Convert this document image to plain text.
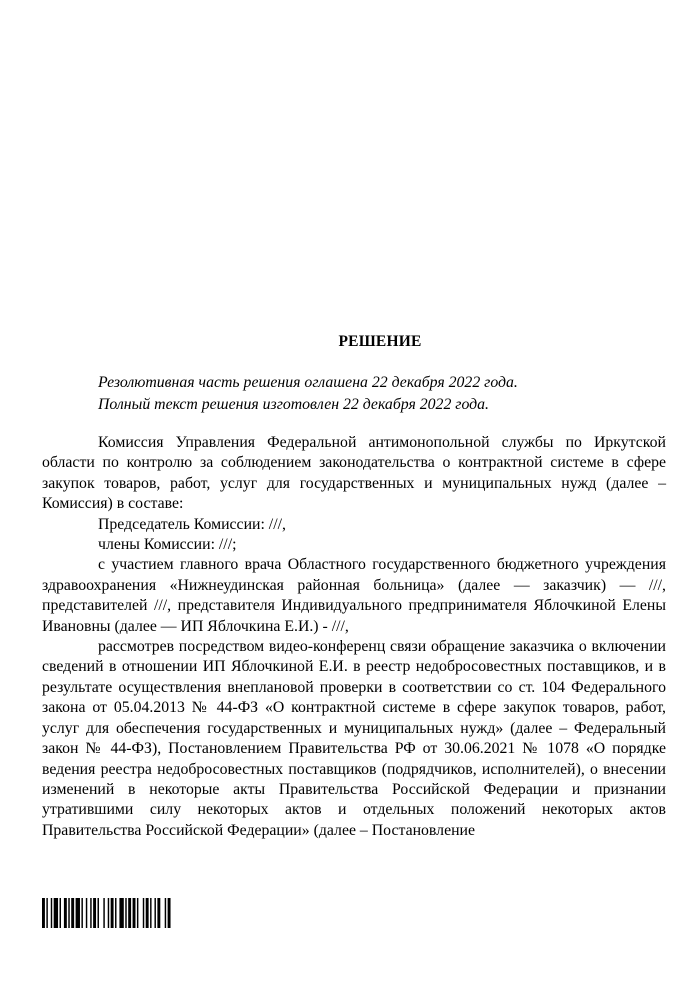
РЕШЕНИЕ
Резолютивная часть решения оглашена 22 декабря 2022 года.
Полный текст решения изготовлен 22 декабря 2022 года.

Комиссия Управления Федеральной антимонопольной службы по Иркутской области по контролю за соблюдением законодательства о контрактной системе в сфере закупок товаров, работ, услуг для государственных и муниципальных нужд (далее – Комиссия) в составе:

Председатель Комиссии: ///,

члены Комиссии: ///;

с участием главного врача Областного государственного бюджетного учреждения здравоохранения «Нижнеудинская районная больница» (далее — заказчик) — ///, представителей ///, представителя Индивидуального предпринимателя Яблочкиной Елены Ивановны (далее — ИП Яблочкина Е.И.) - ///,

рассмотрев посредством видео-конференц связи обращение заказчика о включении сведений в отношении ИП Яблочкиной Е.И. в реестр недобросовестных поставщиков, и в результате осуществления внеплановой проверки в соответствии со ст. 104 Федерального закона от 05.04.2013 № 44-ФЗ «О контрактной системе в сфере закупок товаров, работ, услуг для обеспечения государственных и муниципальных нужд» (далее – Федеральный закон № 44-ФЗ), Постановлением Правительства РФ от 30.06.2021 № 1078 «О порядке ведения реестра недобросовестных поставщиков (подрядчиков, исполнителей), о внесении изменений в некоторые акты Правительства Российской Федерации и признании утратившими силу некоторых актов и отдельных положений некоторых актов Правительства Российской Федерации» (далее – Постановление
